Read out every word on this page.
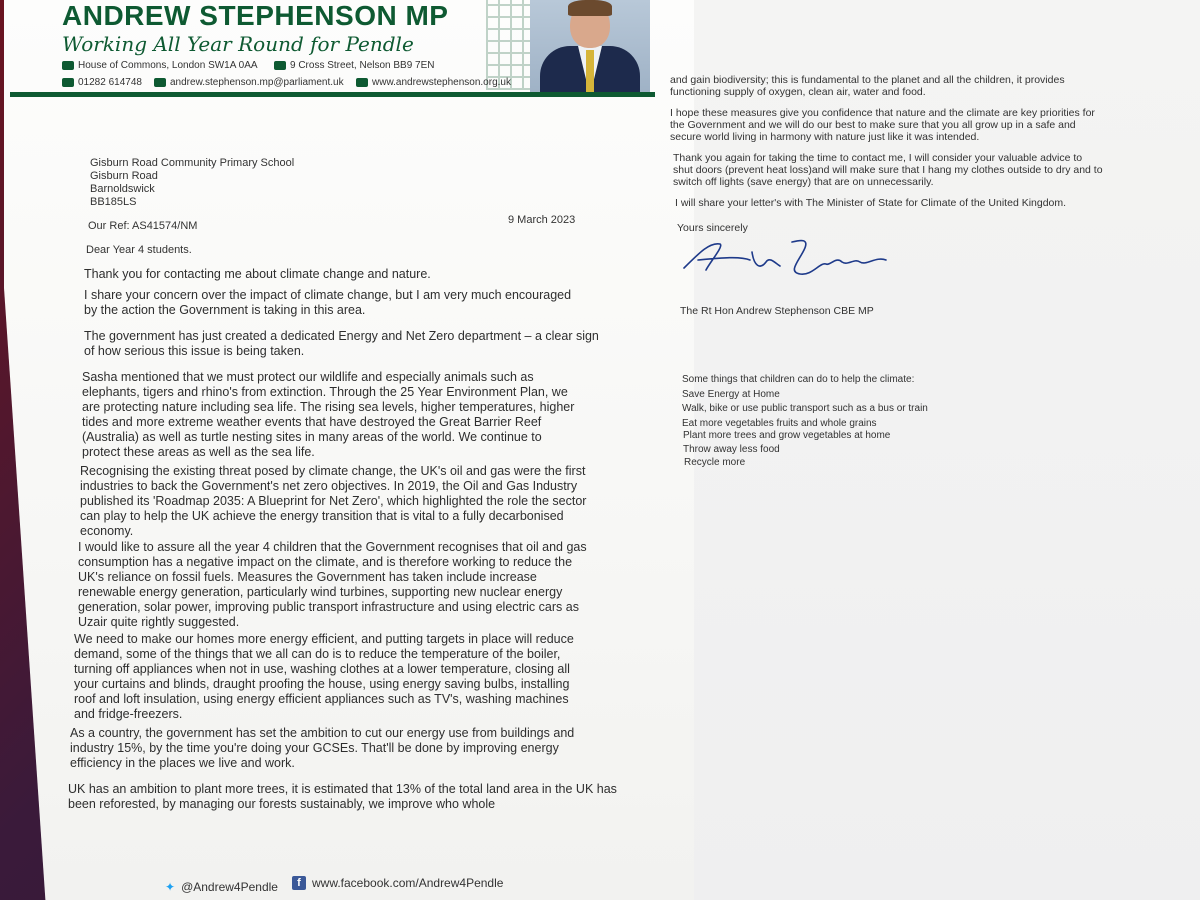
ANDREW STEPHENSON MP
Working All Year Round for Pendle
House of Commons, London SW1A 0AA	9 Cross Street, Nelson BB9 7EN
01282 614748	andrew.stephenson.mp@parliament.uk	www.andrewstephenson.org.uk
Gisburn Road Community Primary School
Gisburn Road
Barnoldswick
BB185LS
Our Ref: AS41574/NM	9 March 2023
Dear Year 4 students.
Thank you for contacting me about climate change and nature.
I share your concern over the impact of climate change, but I am very much encouraged by the action the Government is taking in this area.
The government has just created a dedicated Energy and Net Zero department – a clear sign of how serious this issue is being taken.
Sasha mentioned that we must protect our wildlife and especially animals such as elephants, tigers and rhino's from extinction. Through the 25 Year Environment Plan, we are protecting nature including sea life. The rising sea levels, higher temperatures, higher tides and more extreme weather events that have destroyed the Great Barrier Reef (Australia) as well as turtle nesting sites in many areas of the world. We continue to protect these areas as well as the sea life.
Recognising the existing threat posed by climate change, the UK's oil and gas were the first industries to back the Government's net zero objectives. In 2019, the Oil and Gas Industry published its 'Roadmap 2035: A Blueprint for Net Zero', which highlighted the role the sector can play to help the UK achieve the energy transition that is vital to a fully decarbonised economy.
I would like to assure all the year 4 children that the Government recognises that oil and gas consumption has a negative impact on the climate, and is therefore working to reduce the UK's reliance on fossil fuels. Measures the Government has taken include increase renewable energy generation, particularly wind turbines, supporting new nuclear energy generation, solar power, improving public transport infrastructure and using electric cars as Uzair quite rightly suggested.
We need to make our homes more energy efficient, and putting targets in place will reduce demand, some of the things that we all can do is to reduce the temperature of the boiler, turning off appliances when not in use, washing clothes at a lower temperature, closing all your curtains and blinds, draught proofing the house, using energy saving bulbs, installing roof and loft insulation, using energy efficient appliances such as TV's, washing machines and fridge-freezers.
As a country, the government has set the ambition to cut our energy use from buildings and industry 15%, by the time you're doing your GCSEs. That'll be done by improving energy efficiency in the places we live and work.
UK has an ambition to plant more trees, it is estimated that 13% of the total land area in the UK has been reforested, by managing our forests sustainably, we improve who whole
✦ @Andrew4Pendle	f www.facebook.com/Andrew4Pendle
and gain biodiversity; this is fundamental to the planet and all the children, it provides
functioning supply of oxygen, clean air, water and food.
I hope these measures give you confidence that nature and the climate are key priorities for
the Government and we will do our best to make sure that you all grow up in a safe and
secure world living in harmony with nature just like it was intended.
Thank you again for taking the time to contact me, I will consider your valuable advice to
shut doors (prevent heat loss)and will make sure that I hang my clothes outside to dry and to
switch off lights (save energy) that are on unnecessarily.
I will share your letter's with The Minister of State for Climate of the United Kingdom.
Yours sincerely
The Rt Hon Andrew Stephenson CBE MP
Some things that children can do to help the climate:
Save Energy at Home
Walk, bike or use public transport such as a bus or train
Eat more vegetables fruits and whole grains
Plant more trees and grow vegetables at home
Throw away less food
Recycle more
